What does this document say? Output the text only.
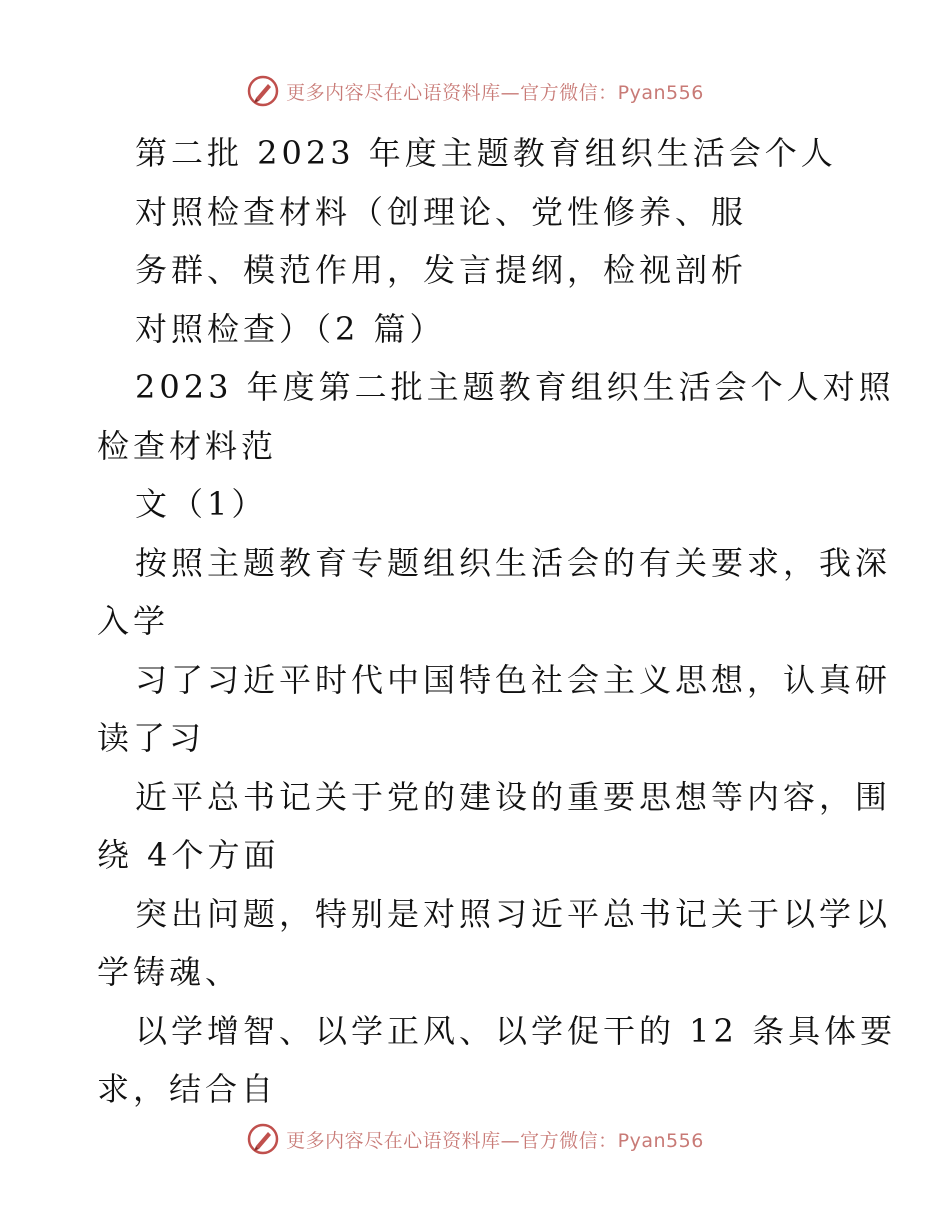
更多内容尽在心语资料库—官方微信：Pyan556
第二批 2023 年度主题教育组织生活会个人
对照检查材料（创理论、党性修养、服
务群、模范作用，发言提纲，检视剖析
对照检查）（2 篇）
2023 年度第二批主题教育组织生活会个人对照
检查材料范
文（1）
按照主题教育专题组织生活会的有关要求，我深
入学
习了习近平时代中国特色社会主义思想，认真研
读了习
近平总书记关于党的建设的重要思想等内容，围
绕 4个方面
突出问题，特别是对照习近平总书记关于以学以
学铸魂、
以学增智、以学正风、以学促干的 12 条具体要
求，结合自
更多内容尽在心语资料库—官方微信：Pyan556
